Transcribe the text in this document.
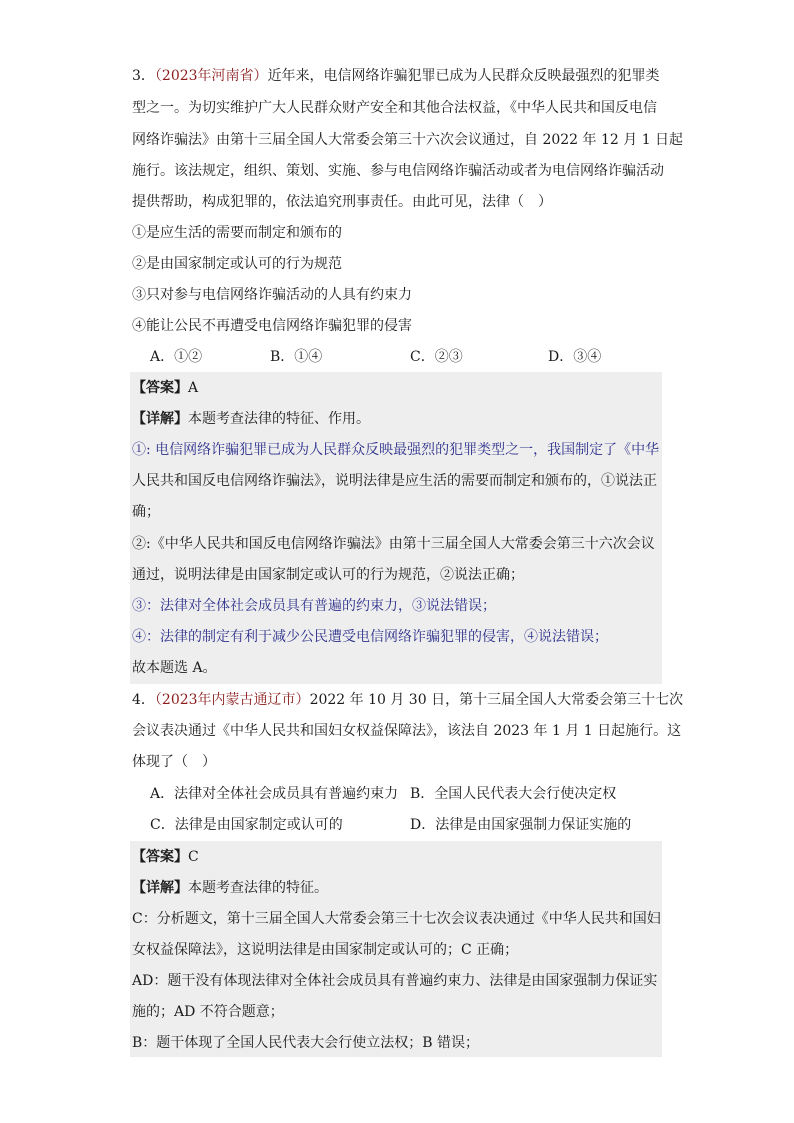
3．（2023年河南省）近年来，电信网络诈骗犯罪已成为人民群众反映最强烈的犯罪类
型之一。为切实维护广大人民群众财产安全和其他合法权益，《中华人民共和国反电信
网络诈骗法》由第十三届全国人大常委会第三十六次会议通过，自 2022 年 12 月 1 日起
施行。该法规定，组织、策划、实施、参与电信网络诈骗活动或者为电信网络诈骗活动
提供帮助，构成犯罪的，依法追究刑事责任。由此可见，法律（　）
①是应生活的需要而制定和颁布的
②是由国家制定或认可的行为规范
③只对参与电信网络诈骗活动的人具有约束力
④能让公民不再遭受电信网络诈骗犯罪的侵害
A．①②	B．①④	C．②③	D．③④
【答案】A
【详解】本题考查法律的特征、作用。
①: 电信网络诈骗犯罪已成为人民群众反映最强烈的犯罪类型之一，我国制定了《中华
人民共和国反电信网络诈骗法》，说明法律是应生活的需要而制定和颁布的，①说法正
确；
②:《中华人民共和国反电信网络诈骗法》由第十三届全国人大常委会第三十六次会议
通过，说明法律是由国家制定或认可的行为规范，②说法正确；
③：法律对全体社会成员具有普遍的约束力，③说法错误；
④：法律的制定有利于减少公民遭受电信网络诈骗犯罪的侵害，④说法错误；
故本题选 A。
4．（2023年内蒙古通辽市）2022 年 10 月 30 日，第十三届全国人大常委会第三十七次
会议表决通过《中华人民共和国妇女权益保障法》，该法自 2023 年 1 月 1 日起施行。这
体现了（　）
A．法律对全体社会成员具有普遍约束力 B．全国人民代表大会行使决定权
C．法律是由国家制定或认可的	D．法律是由国家强制力保证实施的
【答案】C
【详解】本题考查法律的特征。
C：分析题文，第十三届全国人大常委会第三十七次会议表决通过《中华人民共和国妇
女权益保障法》，这说明法律是由国家制定或认可的；C 正确；
AD：题干没有体现法律对全体社会成员具有普遍约束力、法律是由国家强制力保证实
施的；AD 不符合题意；
B：题干体现了全国人民代表大会行使立法权；B 错误；
